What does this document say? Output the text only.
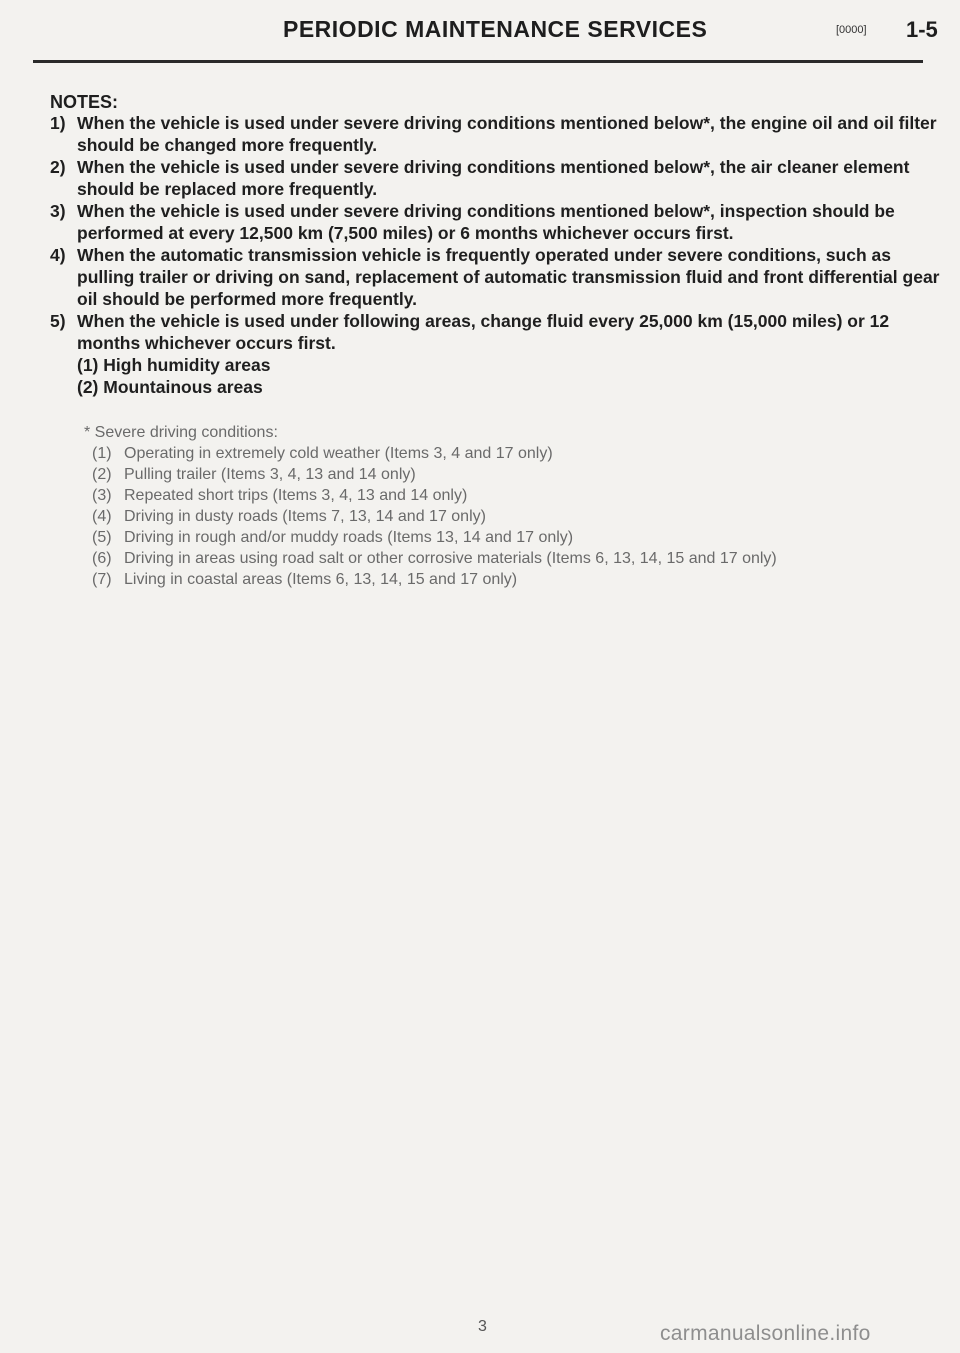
PERIODIC MAINTENANCE SERVICES	[0000] 1-5
NOTES:
1) When the vehicle is used under severe driving conditions mentioned below*, the engine oil and oil filter should be changed more frequently.
2) When the vehicle is used under severe driving conditions mentioned below*, the air cleaner element should be replaced more frequently.
3) When the vehicle is used under severe driving conditions mentioned below*, inspection should be performed at every 12,500 km (7,500 miles) or 6 months whichever occurs first.
4) When the automatic transmission vehicle is frequently operated under severe conditions, such as pulling trailer or driving on sand, replacement of automatic transmission fluid and front differential gear oil should be performed more frequently.
5) When the vehicle is used under following areas, change fluid every 25,000 km (15,000 miles) or 12 months whichever occurs first.
(1) High humidity areas
(2) Mountainous areas
* Severe driving conditions:
(1) Operating in extremely cold weather (Items 3, 4 and 17 only)
(2) Pulling trailer (Items 3, 4, 13 and 14 only)
(3) Repeated short trips (Items 3, 4, 13 and 14 only)
(4) Driving in dusty roads (Items 7, 13, 14 and 17 only)
(5) Driving in rough and/or muddy roads (Items 13, 14 and 17 only)
(6) Driving in areas using road salt or other corrosive materials (Items 6, 13, 14, 15 and 17 only)
(7) Living in coastal areas (Items 6, 13, 14, 15 and 17 only)
3	carmanualsonline.info
